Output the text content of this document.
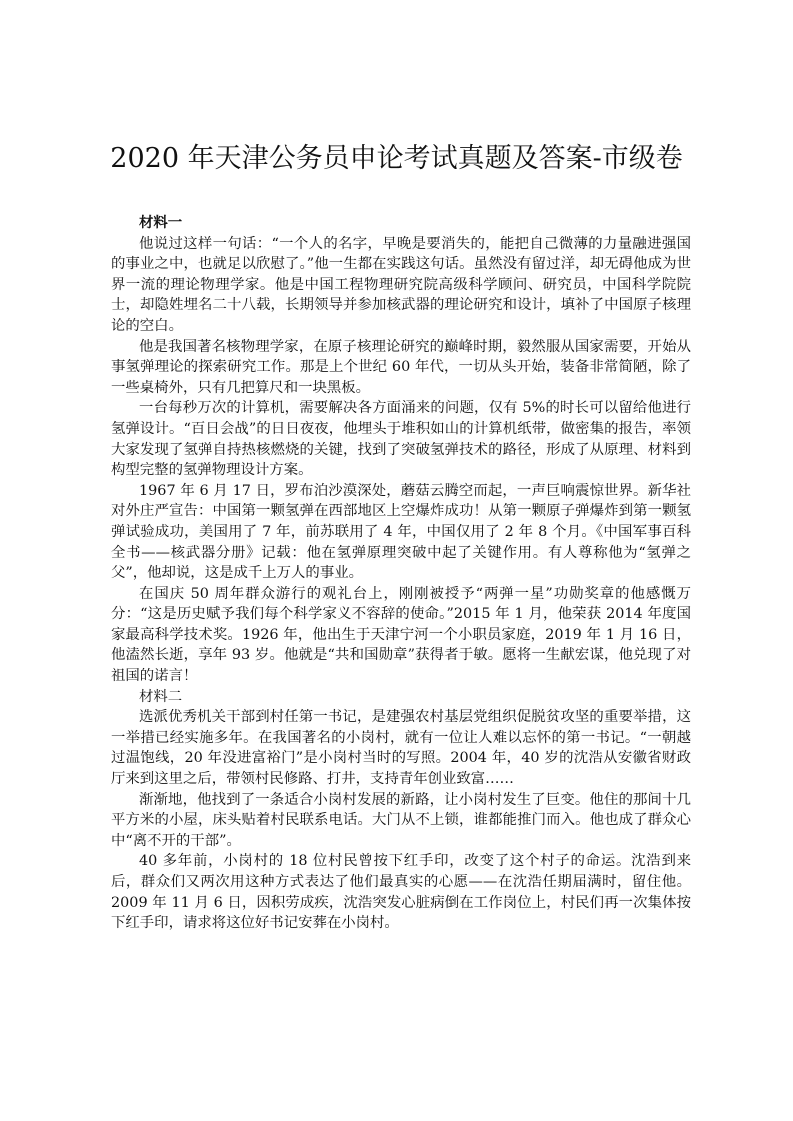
2020 年天津公务员申论考试真题及答案-市级卷

材料一

他说过这样一句话：“一个人的名字，早晚是要消失的，能把自己微薄的力量融进强国的事业之中，也就足以欣慰了。”他一生都在实践这句话。虽然没有留过洋，却无碍他成为世界一流的理论物理学家。他是中国工程物理研究院高级科学顾问、研究员，中国科学院院士，却隐姓埋名二十八载，长期领导并参加核武器的理论研究和设计，填补了中国原子核理论的空白。

他是我国著名核物理学家，在原子核理论研究的巅峰时期，毅然服从国家需要，开始从事氢弹理论的探索研究工作。那是上个世纪 60 年代，一切从头开始，装备非常简陋，除了一些桌椅外，只有几把算尺和一块黑板。

一台每秒万次的计算机，需要解决各方面涌来的问题，仅有 5%的时长可以留给他进行氢弹设计。“百日会战”的日日夜夜，他埋头于堆积如山的计算机纸带，做密集的报告，率领大家发现了氢弹自持热核燃烧的关键，找到了突破氢弹技术的路径，形成了从原理、材料到构型完整的氢弹物理设计方案。

1967 年 6 月 17 日，罗布泊沙漠深处，蘑菇云腾空而起，一声巨响震惊世界。新华社对外庄严宣告：中国第一颗氢弹在西部地区上空爆炸成功！从第一颗原子弹爆炸到第一颗氢弹试验成功，美国用了 7 年，前苏联用了 4 年，中国仅用了 2 年 8 个月。《中国军事百科全书——核武器分册》记载：他在氢弹原理突破中起了关键作用。有人尊称他为“氢弹之父”，他却说，这是成千上万人的事业。

在国庆 50 周年群众游行的观礼台上，刚刚被授予“两弹一星”功勋奖章的他感慨万分：“这是历史赋予我们每个科学家义不容辞的使命。”2015 年 1 月，他荣获 2014 年度国家最高科学技术奖。1926 年，他出生于天津宁河一个小职员家庭，2019 年 1 月 16 日，他溘然长逝，享年 93 岁。他就是“共和国勋章”获得者于敏。愿将一生献宏谋，他兑现了对祖国的诺言！

材料二

选派优秀机关干部到村任第一书记，是建强农村基层党组织促脱贫攻坚的重要举措，这一举措已经实施多年。在我国著名的小岗村，就有一位让人难以忘怀的第一书记。“一朝越过温饱线，20 年没进富裕门”是小岗村当时的写照。2004 年，40 岁的沈浩从安徽省财政厅来到这里之后，带领村民修路、打井，支持青年创业致富……

渐渐地，他找到了一条适合小岗村发展的新路，让小岗村发生了巨变。他住的那间十几平方米的小屋，床头贴着村民联系电话。大门从不上锁，谁都能推门而入。他也成了群众心中“离不开的干部”。

40 多年前，小岗村的 18 位村民曾按下红手印，改变了这个村子的命运。沈浩到来后，群众们又两次用这种方式表达了他们最真实的心愿——在沈浩任期届满时，留住他。2009 年 11 月 6 日，因积劳成疾，沈浩突发心脏病倒在工作岗位上，村民们再一次集体按下红手印，请求将这位好书记安葬在小岗村。
